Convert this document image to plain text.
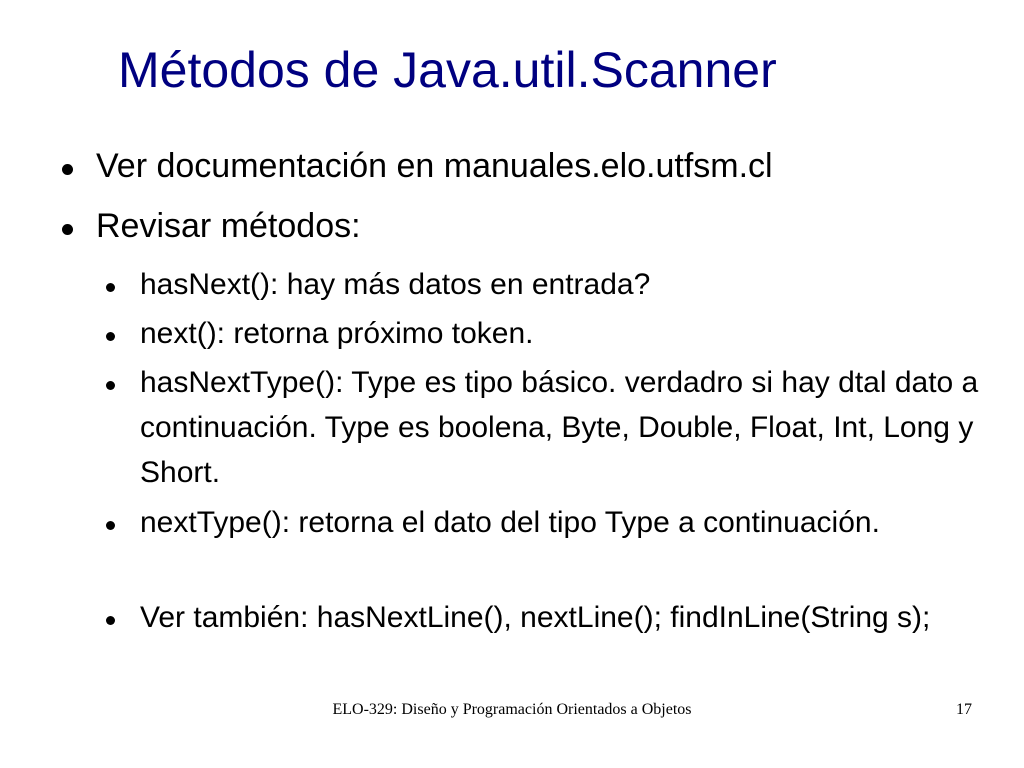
Métodos de Java.util.Scanner
Ver documentación en manuales.elo.utfsm.cl
Revisar métodos:
hasNext(): hay más datos en entrada?
next(): retorna próximo token.
hasNextType(): Type es tipo básico. verdadro si hay dtal dato a continuación. Type es boolena, Byte, Double, Float, Int, Long y Short.
nextType(): retorna el dato del tipo Type a continuación.
Ver también: hasNextLine(), nextLine(); findInLine(String s);
ELO-329: Diseño y Programación Orientados a Objetos	17
